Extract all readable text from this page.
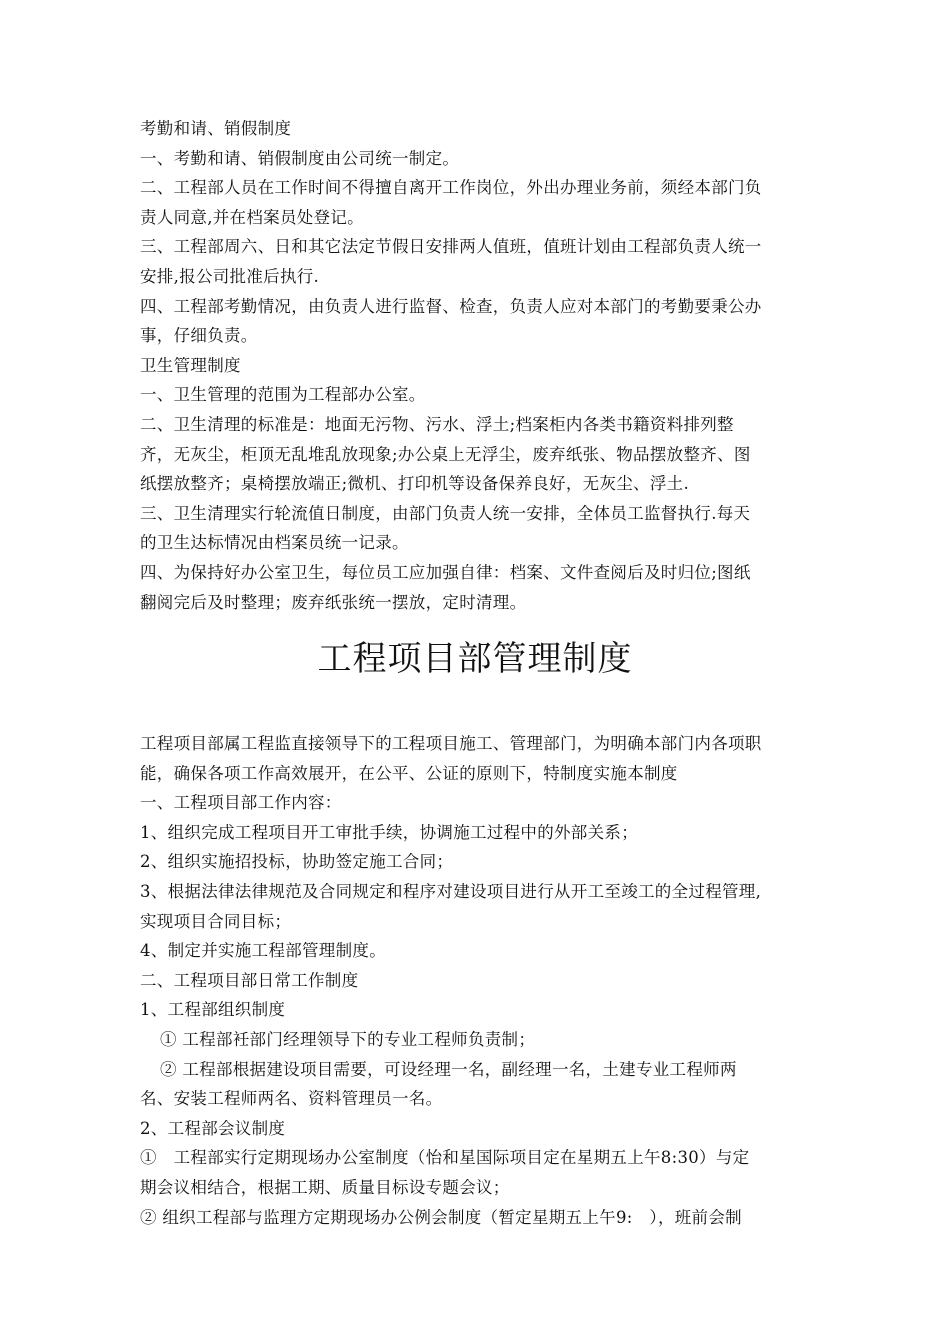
考勤和请、销假制度
一、考勤和请、销假制度由公司统一制定。
二、工程部人员在工作时间不得擅自离开工作岗位，外出办理业务前，须经本部门负
责人同意,并在档案员处登记。
三、工程部周六、日和其它法定节假日安排两人值班，值班计划由工程部负责人统一
安排,报公司批准后执行.
四、工程部考勤情况，由负责人进行监督、检查，负责人应对本部门的考勤要秉公办
事，仔细负责。
卫生管理制度
一、卫生管理的范围为工程部办公室。
二、卫生清理的标准是：地面无污物、污水、浮土;档案柜内各类书籍资料排列整
齐，无灰尘，柜顶无乱堆乱放现象;办公桌上无浮尘，废弃纸张、物品摆放整齐、图
纸摆放整齐；桌椅摆放端正;微机、打印机等设备保养良好，无灰尘、浮土.
三、卫生清理实行轮流值日制度，由部门负责人统一安排，全体员工监督执行.每天
的卫生达标情况由档案员统一记录。
四、为保持好办公室卫生，每位员工应加强自律：档案、文件查阅后及时归位;图纸
翻阅完后及时整理；废弃纸张统一摆放，定时清理。
工程项目部管理制度
工程项目部属工程监直接领导下的工程项目施工、管理部门，为明确本部门内各项职
能，确保各项工作高效展开，在公平、公证的原则下，特制度实施本制度
一、工程项目部工作内容：
1、组织完成工程项目开工审批手续，协调施工过程中的外部关系；
2、组织实施招投标，协助签定施工合同；
3、根据法律法律规范及合同规定和程序对建设项目进行从开工至竣工的全过程管理,
实现项目合同目标；
4、制定并实施工程部管理制度。
二、工程项目部日常工作制度
1、工程部组织制度
① 工程部衽部门经理领导下的专业工程师负责制；
② 工程部根据建设项目需要，可设经理一名，副经理一名，土建专业工程师两
名、安装工程师两名、资料管理员一名。
2、工程部会议制度
①　工程部实行定期现场办公室制度（怡和星国际项目定在星期五上午8:30）与定
期会议相结合，根据工期、质量目标设专题会议；
② 组织工程部与监理方定期现场办公例会制度（暂定星期五上午9:　），班前会制
